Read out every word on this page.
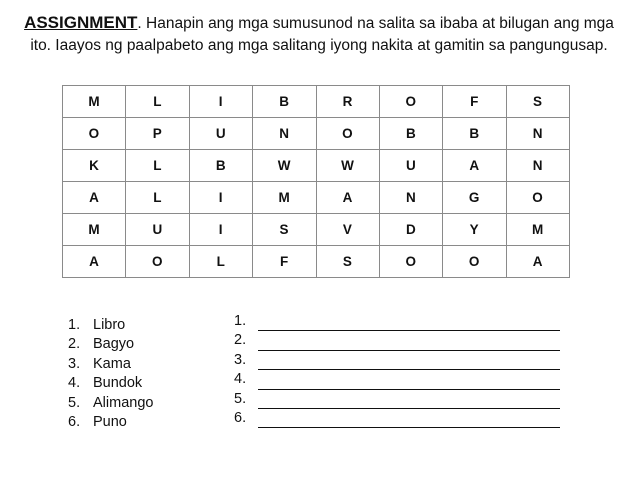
ASSIGNMENT. Hanapin ang mga sumusunod na salita sa ibaba at bilugan ang mga ito. Iaayos ng paalpabeto ang mga salitang iyong nakita at gamitin sa pangungusap.
M	L	I	B	R	O	F	S
O	P	U	N	O	B	B	N
K	L	B	W	W	U	A	N
A	L	I	M	A	N	G	O
M	U	I	S	V	D	Y	M
A	O	L	F	S	O	O	A
1. Libro
2. Bagyo
3. Kama
4. Bundok
5. Alimango
6. Puno
1.
2.
3.
4.
5.
6.
